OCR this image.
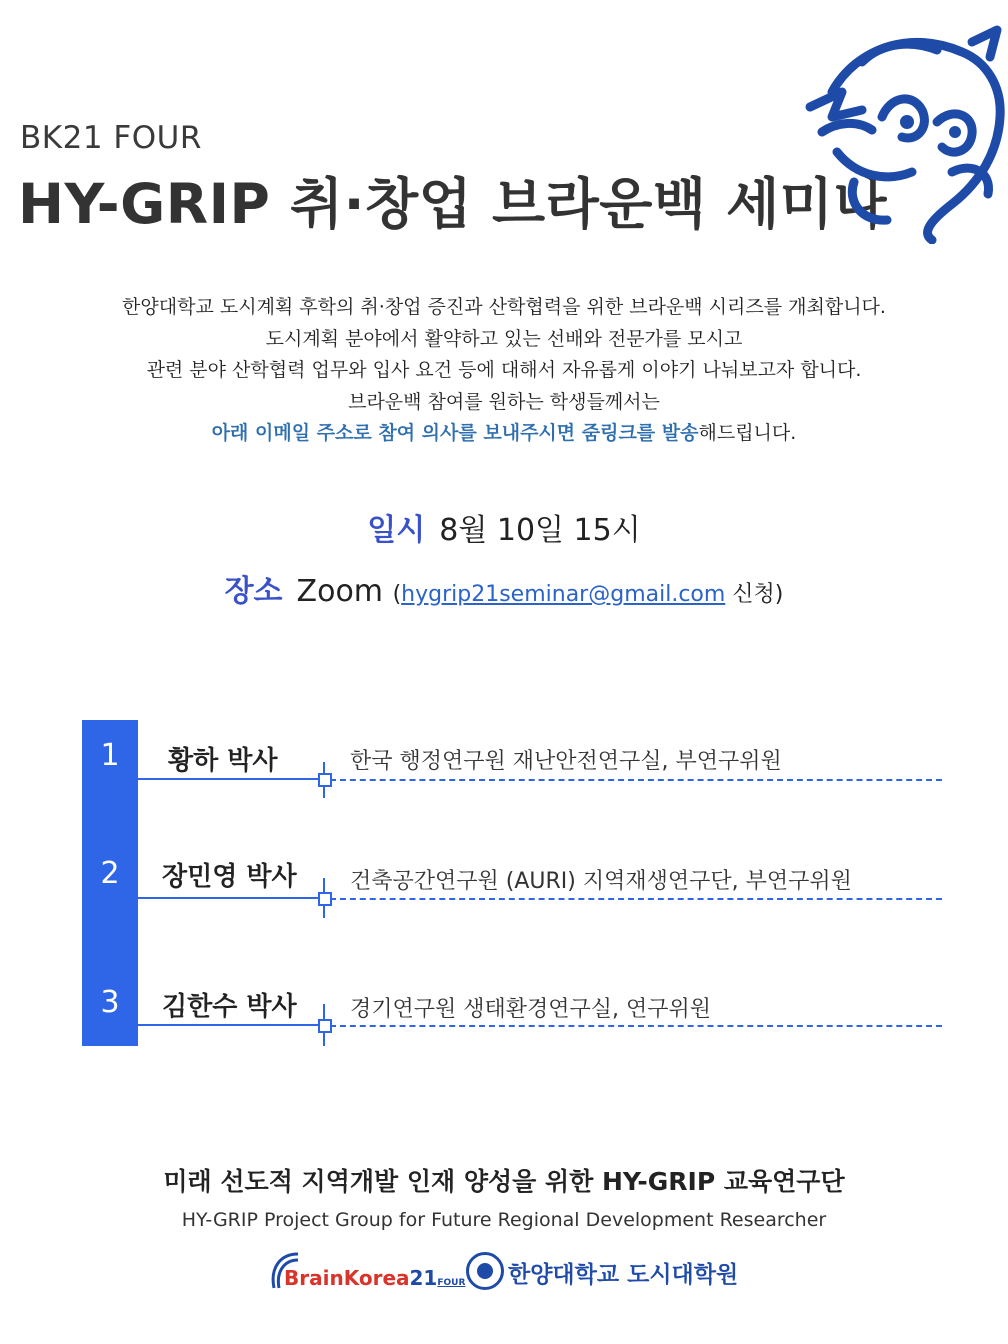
BK21 FOUR
HY-GRIP 취·창업 브라운백 세미나
한양대학교 도시계획 후학의 취·창업 증진과 산학협력을 위한 브라운백 시리즈를 개최합니다.
도시계획 분야에서 활약하고 있는 선배와 전문가를 모시고
관련 분야 산학협력 업무와 입사 요건 등에 대해서 자유롭게 이야기 나눠보고자 합니다.
브라운백 참여를 원하는 학생들께서는
아래 이메일 주소로 참여 의사를 보내주시면 줌링크를 발송해드립니다.
일시 8월 10일 15시
장소 Zoom (hygrip21seminar@gmail.com 신청)
1
2
3
황하 박사
장민영 박사
김한수 박사
한국 행정연구원 재난안전연구실, 부연구위원
건축공간연구원 (AURI) 지역재생연구단, 부연구위원
경기연구원 생태환경연구실, 연구위원
미래 선도적 지역개발 인재 양성을 위한 HY-GRIP 교육연구단
HY-GRIP Project Group for Future Regional Development Researcher
BrainKorea21FOUR 한양대학교 도시대학원
